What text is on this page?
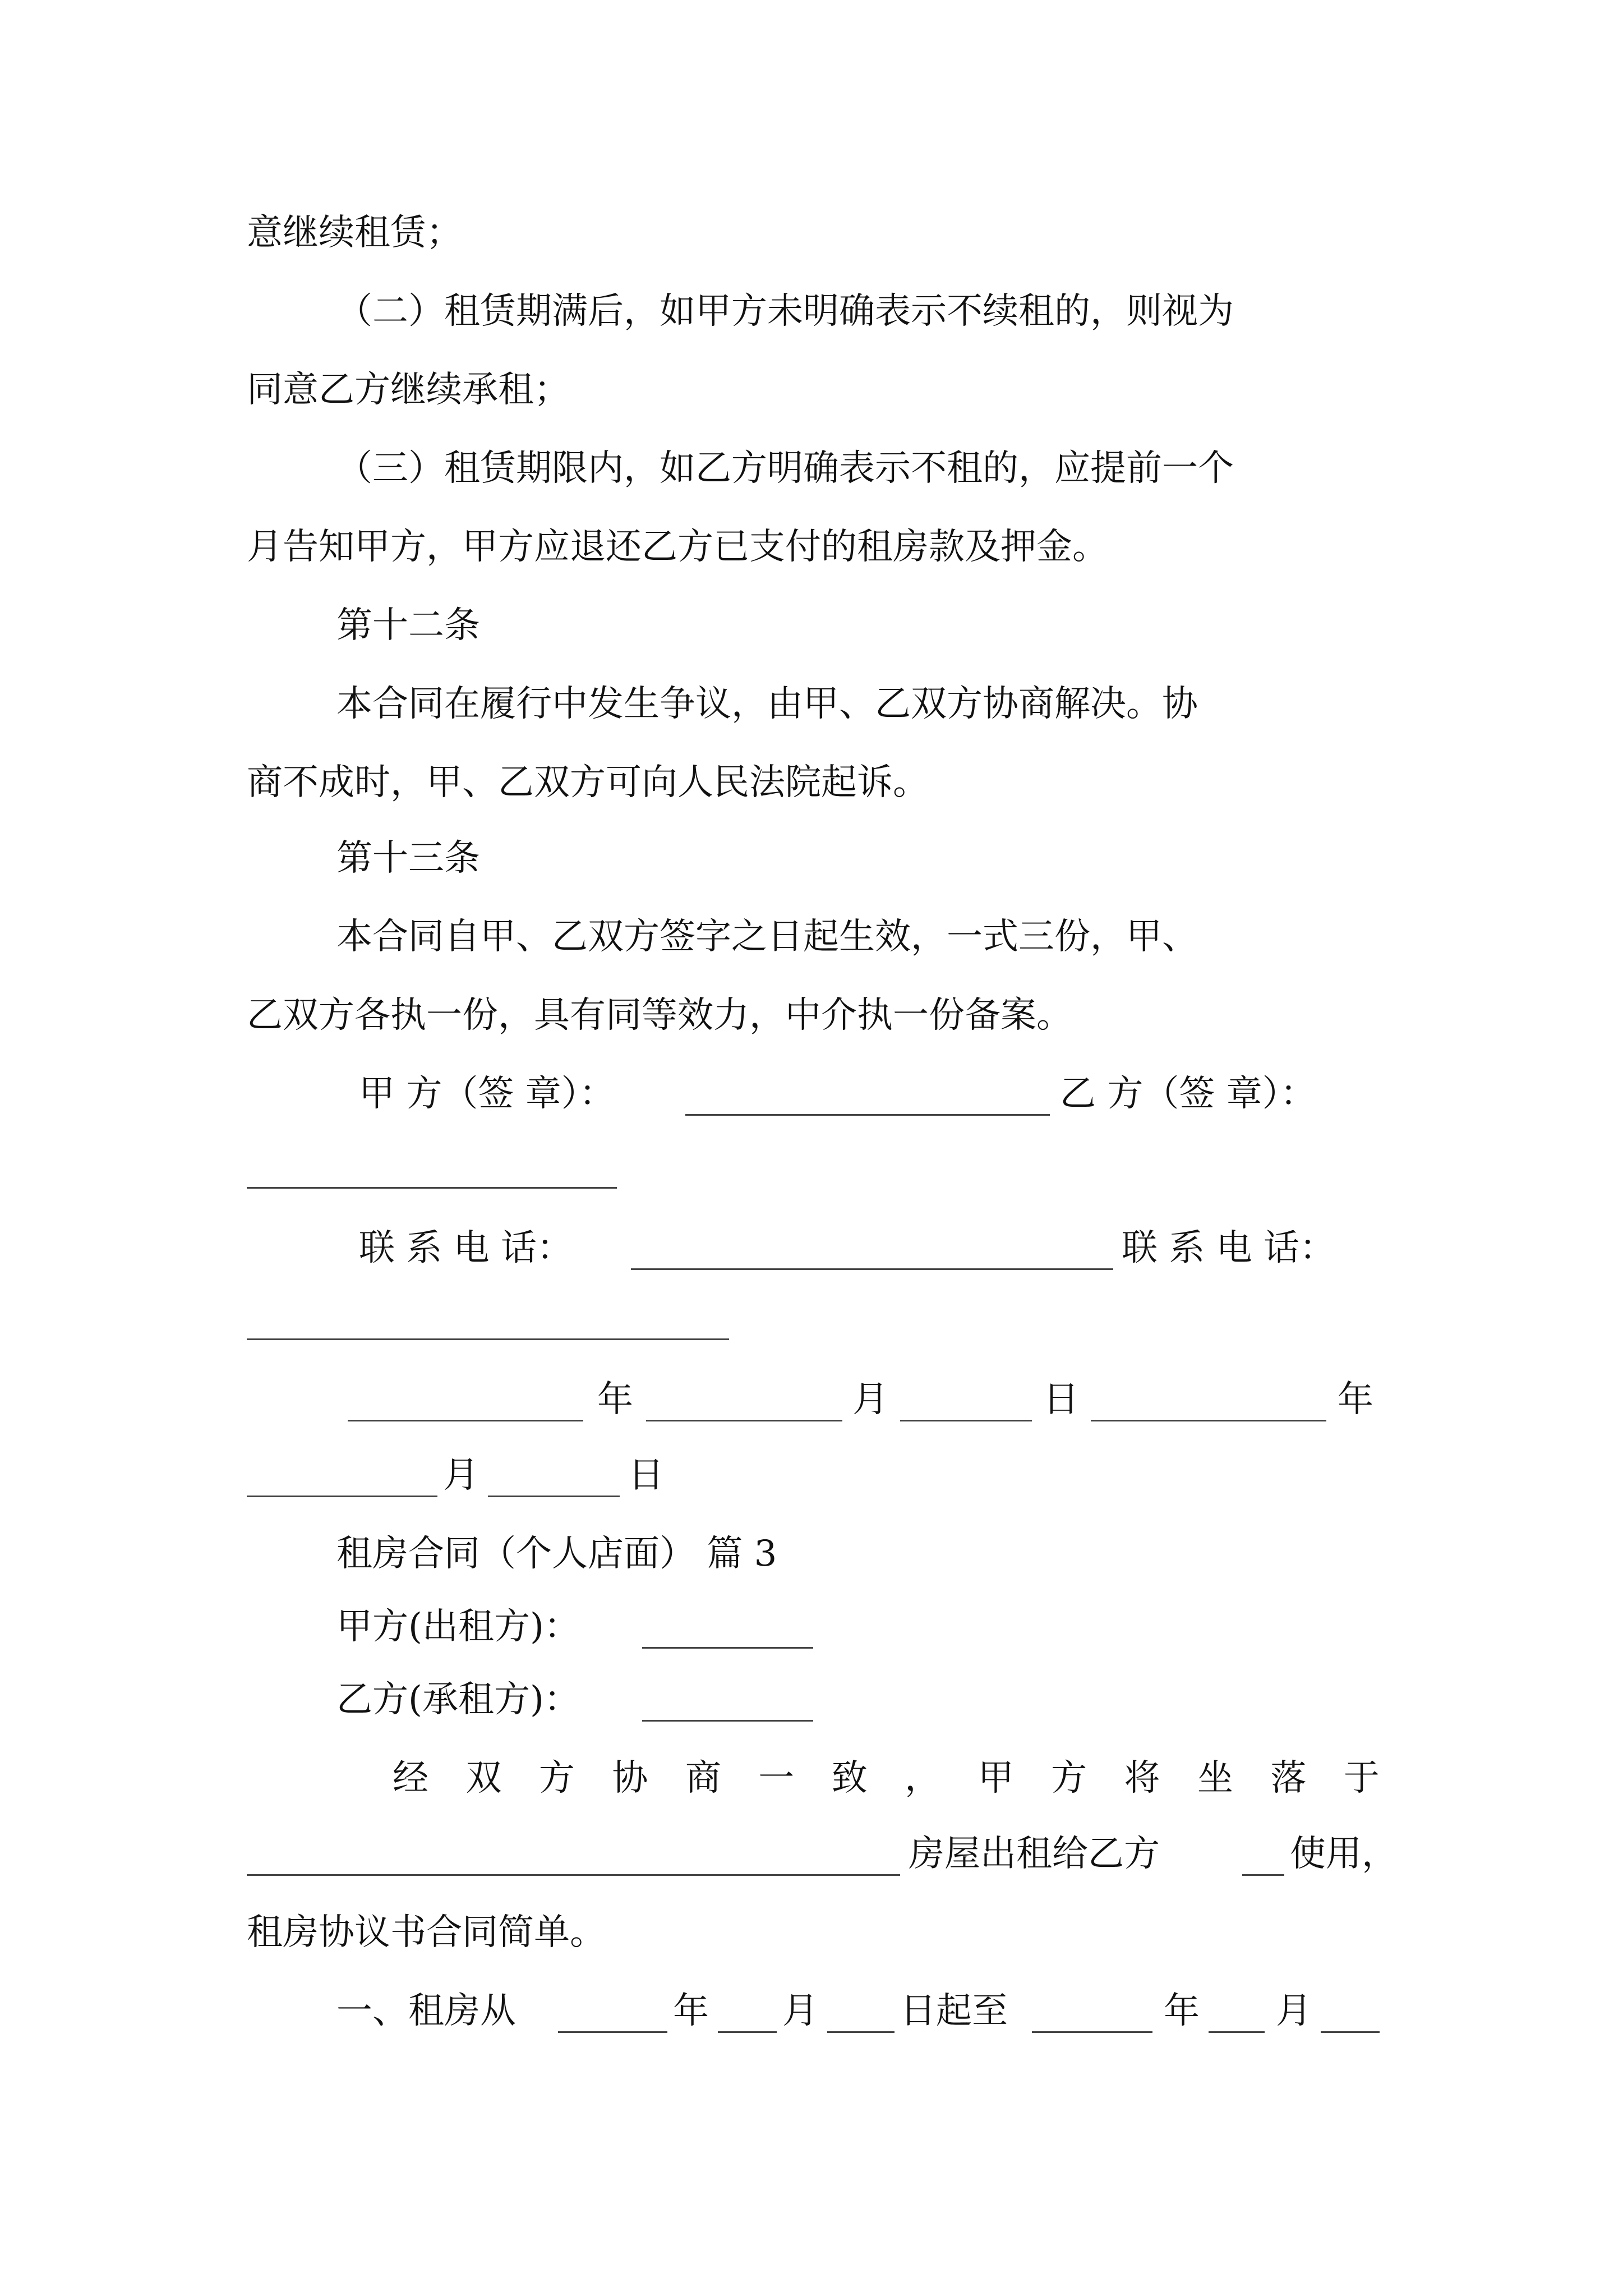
意继续租赁；
（二）租赁期满后，如甲方未明确表示不续租的，则视为
同意乙方继续承租；
（三）租赁期限内，如乙方明确表示不租的，应提前一个
月告知甲方，甲方应退还乙方已支付的租房款及押金。
第十二条
本合同在履行中发生争议，由甲、乙双方协商解决。协
商不成时，甲、乙双方可向人民法院起诉。
第十三条
本合同自甲、乙双方签字之日起生效，一式三份，甲、
乙双方各执一份，具有同等效力，中介执一份备案。
甲 方（签 章）：	乙 方（签 章）：
联 系 电 话：	联 系 电 话：
年	月	日	年
月	日
租房合同（个人店面） 篇 3
甲方(出租方)：
乙方(承租方)：
经 双 方 协 商 一 致 ， 甲 方 将 坐 落 于
房屋出租给乙方	使用，
租房协议书合同简单。
一、租房从	年 月 日起至	年 月
